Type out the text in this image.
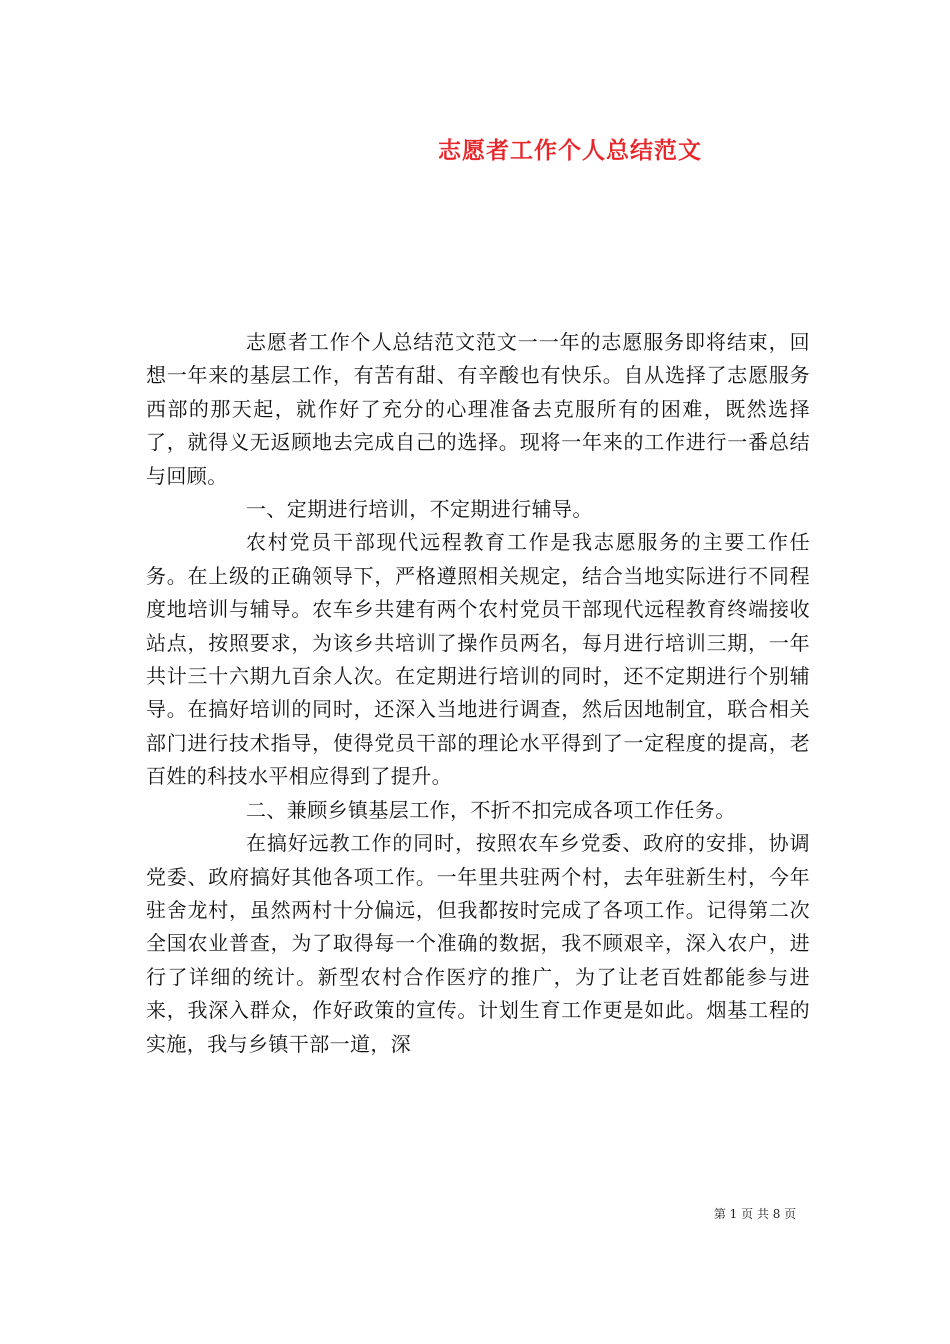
志愿者工作个人总结范文

志愿者工作个人总结范文范文一一年的志愿服务即将结束，回想一年来的基层工作，有苦有甜、有辛酸也有快乐。自从选择了志愿服务西部的那天起，就作好了充分的心理准备去克服所有的困难，既然选择了，就得义无返顾地去完成自己的选择。现将一年来的工作进行一番总结与回顾。

一、定期进行培训，不定期进行辅导。

农村党员干部现代远程教育工作是我志愿服务的主要工作任务。在上级的正确领导下，严格遵照相关规定，结合当地实际进行不同程度地培训与辅导。农车乡共建有两个农村党员干部现代远程教育终端接收站点，按照要求，为该乡共培训了操作员两名，每月进行培训三期，一年共计三十六期九百余人次。在定期进行培训的同时，还不定期进行个别辅导。在搞好培训的同时，还深入当地进行调查，然后因地制宜，联合相关部门进行技术指导，使得党员干部的理论水平得到了一定程度的提高，老百姓的科技水平相应得到了提升。

二、兼顾乡镇基层工作，不折不扣完成各项工作任务。

在搞好远教工作的同时，按照农车乡党委、政府的安排，协调党委、政府搞好其他各项工作。一年里共驻两个村，去年驻新生村，今年驻舍龙村，虽然两村十分偏远，但我都按时完成了各项工作。记得第二次全国农业普查，为了取得每一个准确的数据，我不顾艰辛，深入农户，进行了详细的统计。新型农村合作医疗的推广，为了让老百姓都能参与进来，我深入群众，作好政策的宣传。计划生育工作更是如此。烟基工程的实施，我与乡镇干部一道，深

第 1 页 共 8 页
